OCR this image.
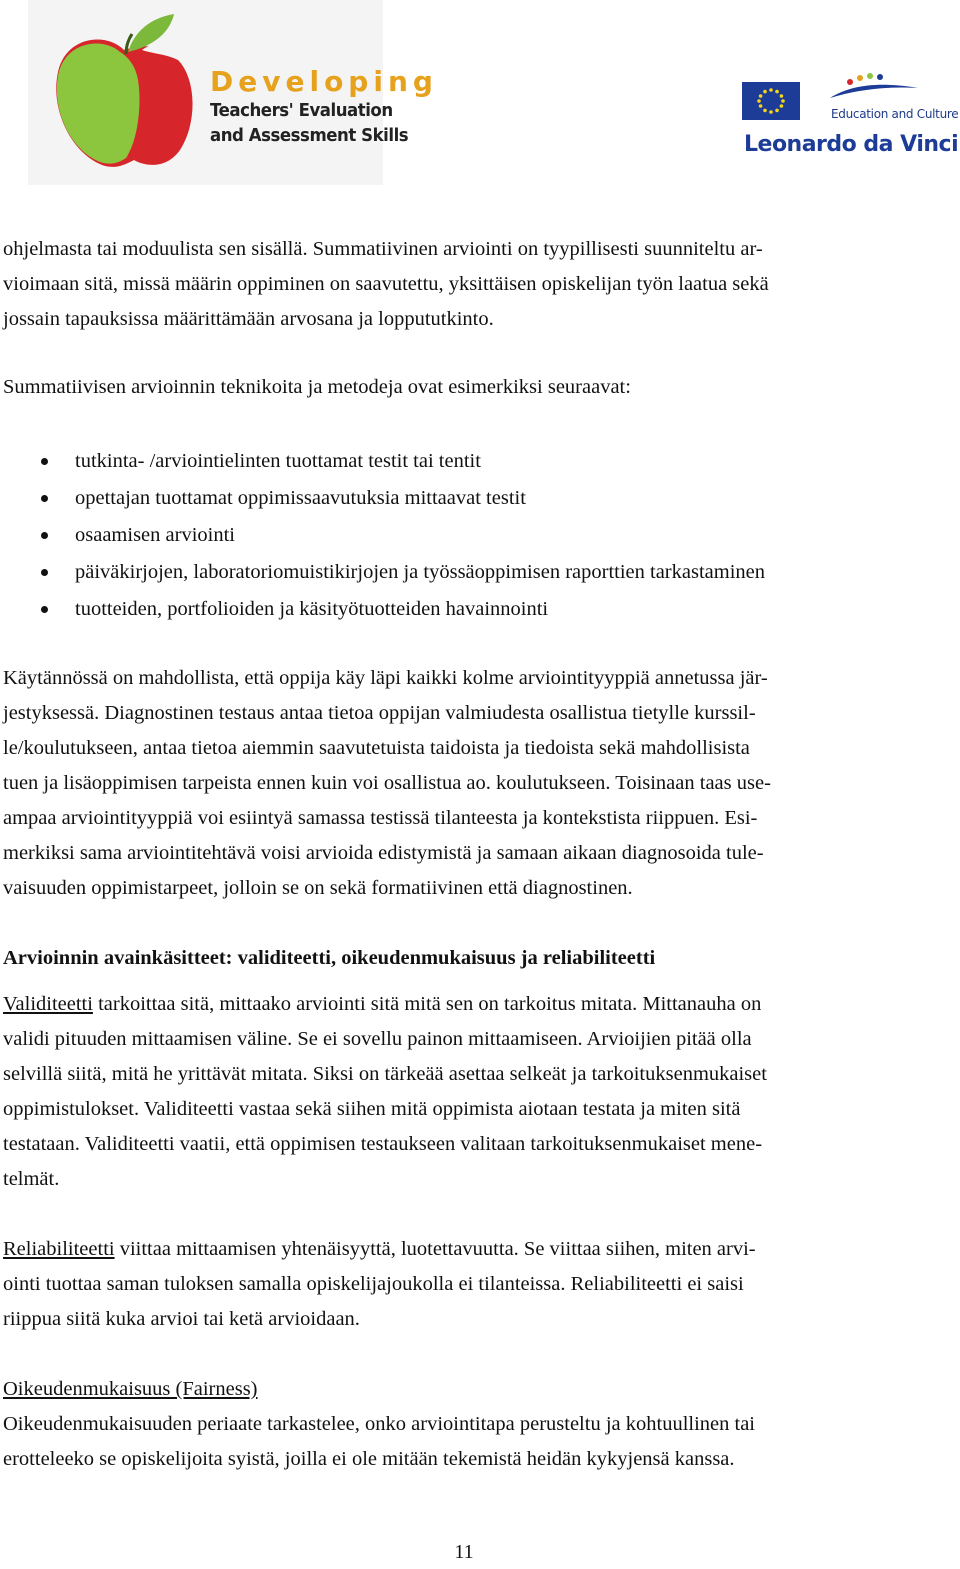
Developing
Teachers' Evaluation
and Assessment Skills
Education and Culture
Leonardo da Vinci

ohjelmasta tai moduulista sen sisällä. Summatiivinen arviointi on tyypillisesti suunniteltu ar-
vioimaan sitä, missä määrin oppiminen on saavutettu, yksittäisen opiskelijan työn laatua sekä
jossain tapauksissa määrittämään arvosana ja loppututkinto.

Summatiivisen arvioinnin teknikoita ja metodeja ovat esimerkiksi seuraavat:

tutkinta- /arviointielinten tuottamat testit tai tentit
opettajan tuottamat oppimissaavutuksia mittaavat testit
osaamisen arviointi
päiväkirjojen, laboratoriomuistikirjojen ja työssäoppimisen raporttien tarkastaminen
tuotteiden, portfolioiden ja käsityötuotteiden havainnointi

Käytännössä on mahdollista, että oppija käy läpi kaikki kolme arviointityyppiä annetussa jär-
jestyksessä. Diagnostinen testaus antaa tietoa oppijan valmiudesta osallistua tietylle kurssil-
le/koulutukseen, antaa tietoa aiemmin saavutetuista taidoista ja tiedoista sekä mahdollisista
tuen ja lisäoppimisen tarpeista ennen kuin voi osallistua ao. koulutukseen. Toisinaan taas use-
ampaa arviointityyppiä voi esiintyä samassa testissä tilanteesta ja kontekstista riippuen. Esi-
merkiksi sama arviointitehtävä voisi arvioida edistymistä ja samaan aikaan diagnosoida tule-
vaisuuden oppimistarpeet, jolloin se on sekä formatiivinen että diagnostinen.

Arvioinnin avainkäsitteet: validiteetti, oikeudenmukaisuus ja reliabiliteetti

Validiteetti tarkoittaa sitä, mittaako arviointi sitä mitä sen on tarkoitus mitata. Mittanauha on
validi pituuden mittaamisen väline. Se ei sovellu painon mittaamiseen. Arvioijien pitää olla
selvillä siitä, mitä he yrittävät mitata. Siksi on tärkeää asettaa selkeät ja tarkoituksenmukaiset
oppimistulokset. Validiteetti vastaa sekä siihen mitä oppimista aiotaan testata ja miten sitä
testataan. Validiteetti vaatii, että oppimisen testaukseen valitaan tarkoituksenmukaiset mene-
telmät.

Reliabiliteetti viittaa mittaamisen yhtenäisyyttä, luotettavuutta. Se viittaa siihen, miten arvi-
ointi tuottaa saman tuloksen samalla opiskelijajoukolla ei tilanteissa. Reliabiliteetti ei saisi
riippua siitä kuka arvioi tai ketä arvioidaan.

Oikeudenmukaisuus (Fairness)
Oikeudenmukaisuuden periaate tarkastelee, onko arviointitapa perusteltu ja kohtuullinen tai
erotteleeko se opiskelijoita syistä, joilla ei ole mitään tekemistä heidän kykyjensä kanssa.

11
